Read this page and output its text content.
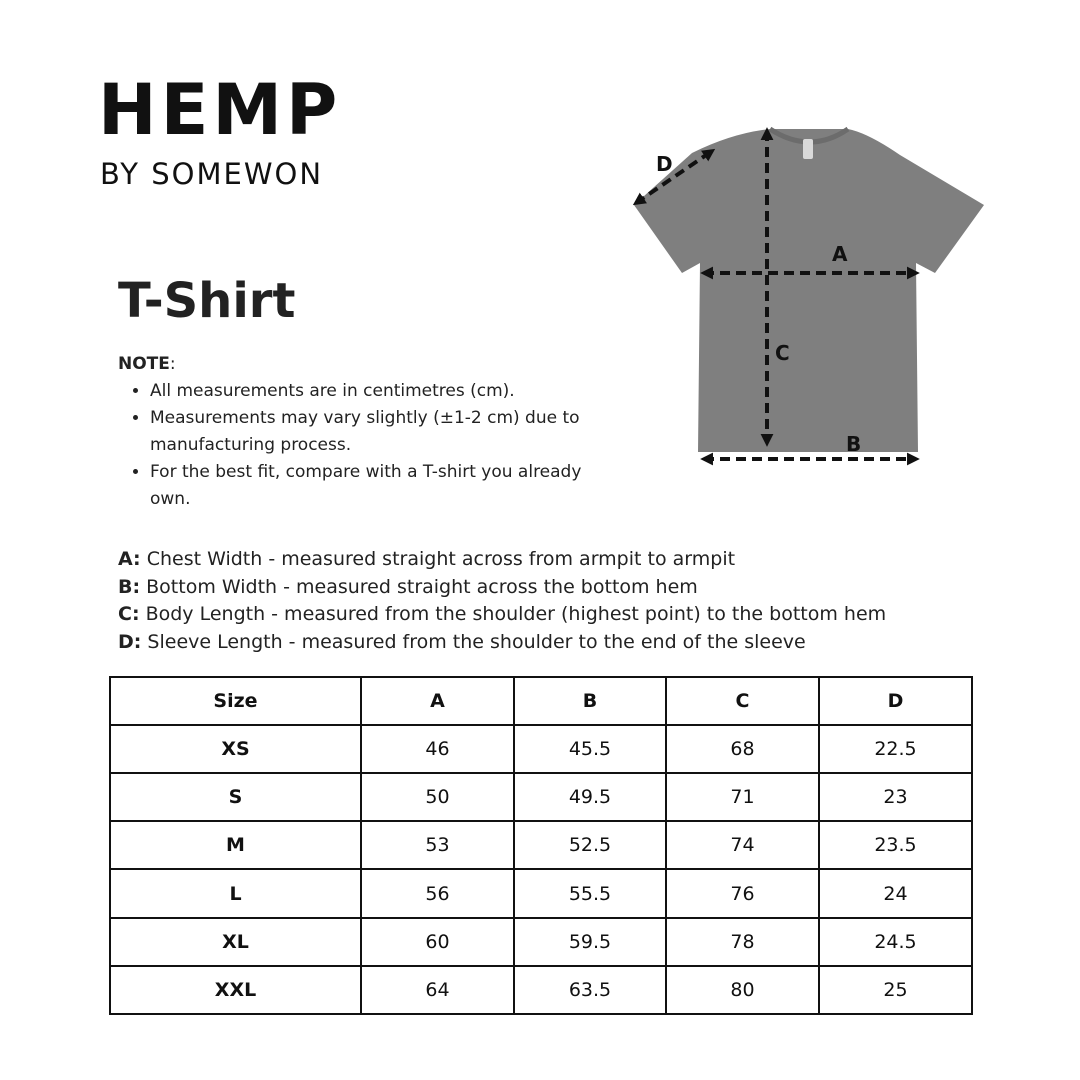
HEMP
BY SOMEWON
T-Shirt
NOTE:
• All measurements are in centimetres (cm).
• Measurements may vary slightly (±1-2 cm) due to manufacturing process.
• For the best fit, compare with a T-shirt you already own.
D
A
C
B
A: Chest Width - measured straight across from armpit to armpit
B: Bottom Width - measured straight across the bottom hem
C: Body Length - measured from the shoulder (highest point) to the bottom hem
D: Sleeve Length - measured from the shoulder to the end of the sleeve
Size	A	B	C	D
XS	46	45.5	68	22.5
S	50	49.5	71	23
M	53	52.5	74	23.5
L	56	55.5	76	24
XL	60	59.5	78	24.5
XXL	64	63.5	80	25
